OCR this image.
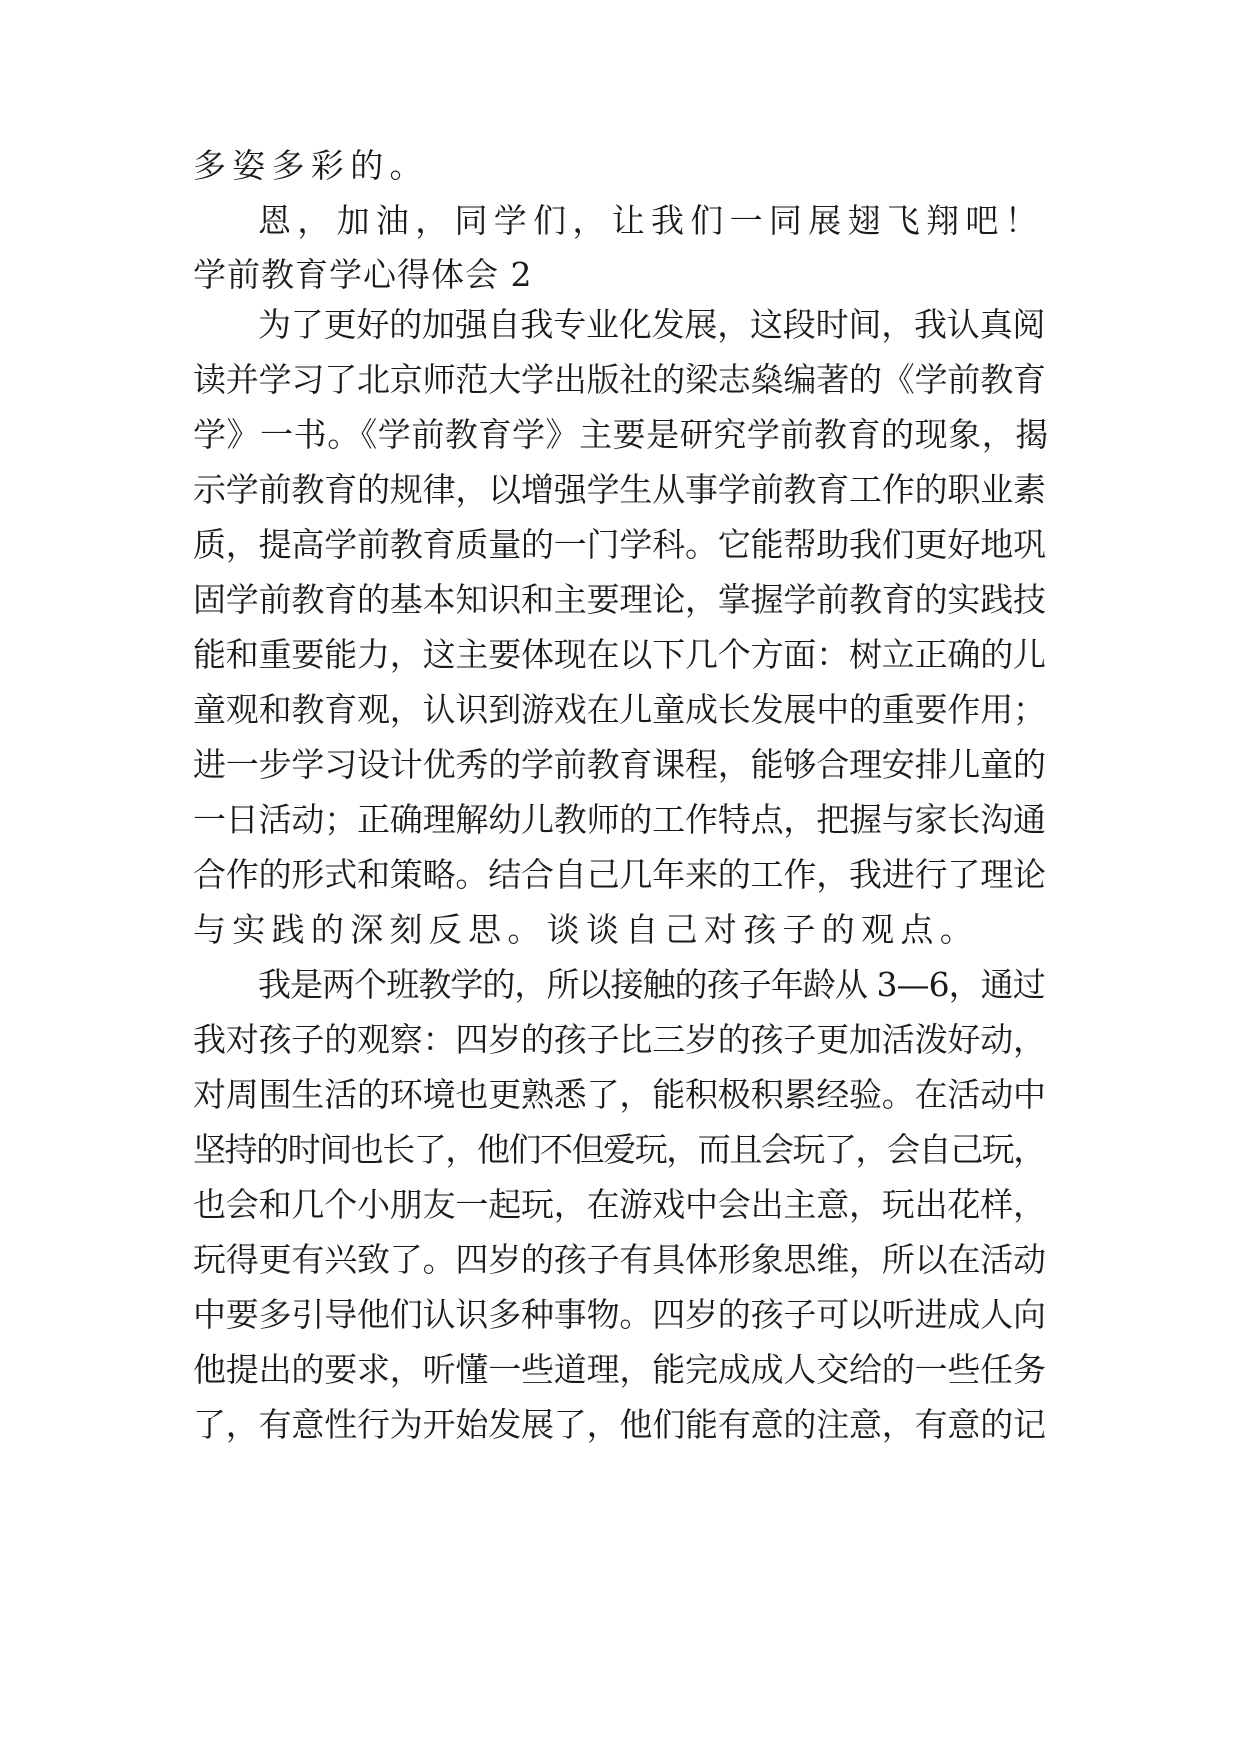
多姿多彩的。
恩，加油，同学们，让我们一同展翅飞翔吧！
学前教育学心得体会 2
为了更好的加强自我专业化发展，这段时间，我认真阅
读并学习了北京师范大学出版社的梁志燊编著的《学前教育
学》一书。《学前教育学》主要是研究学前教育的现象，揭
示学前教育的规律，以增强学生从事学前教育工作的职业素
质，提高学前教育质量的一门学科。它能帮助我们更好地巩
固学前教育的基本知识和主要理论，掌握学前教育的实践技
能和重要能力，这主要体现在以下几个方面：树立正确的儿
童观和教育观，认识到游戏在儿童成长发展中的重要作用；
进一步学习设计优秀的学前教育课程，能够合理安排儿童的
一日活动；正确理解幼儿教师的工作特点，把握与家长沟通
合作的形式和策略。结合自己几年来的工作，我进行了理论
与实践的深刻反思。谈谈自己对孩子的观点。
我是两个班教学的，所以接触的孩子年龄从 3—6，通过
我对孩子的观察：四岁的孩子比三岁的孩子更加活泼好动，
对周围生活的环境也更熟悉了，能积极积累经验。在活动中
坚持的时间也长了，他们不但爱玩，而且会玩了，会自己玩，
也会和几个小朋友一起玩，在游戏中会出主意，玩出花样，
玩得更有兴致了。四岁的孩子有具体形象思维，所以在活动
中要多引导他们认识多种事物。四岁的孩子可以听进成人向
他提出的要求，听懂一些道理，能完成成人交给的一些任务
了，有意性行为开始发展了，他们能有意的注意，有意的记
